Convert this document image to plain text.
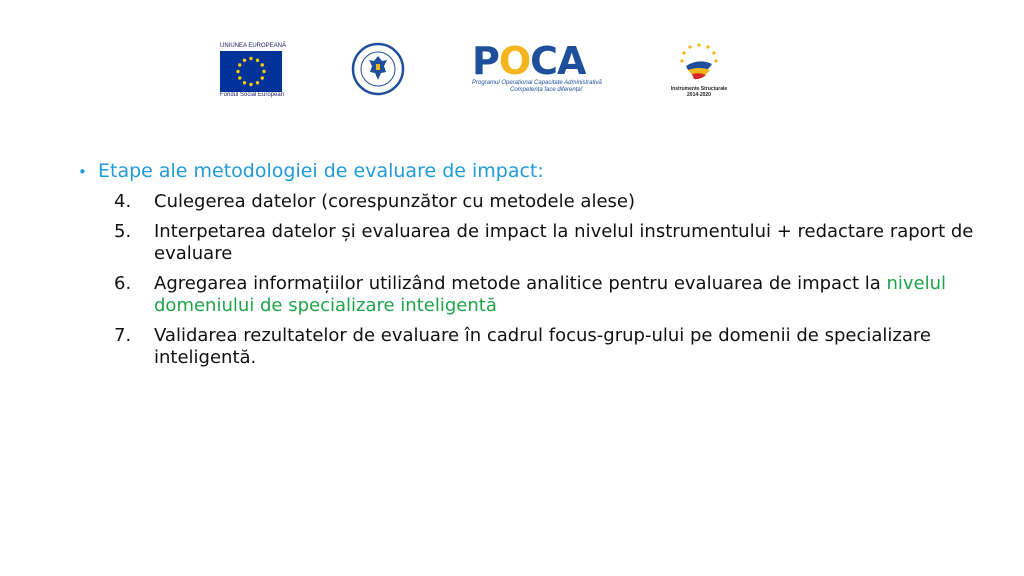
UNIUNEA EUROPEANĂ
Fondul Social European
POCA
Programul Operațional Capacitate Administrativă
Competența face diferența!	Instrumente Structurale
2014-2020
• Etape ale metodologiei de evaluare de impact:
4.	Culegerea datelor (corespunzător cu metodele alese)
5.	Interpetarea datelor și evaluarea de impact la nivelul instrumentului + redactare raport de evaluare
6.	Agregarea informațiilor utilizând metode analitice pentru evaluarea de impact la nivelul domeniului de specializare inteligentă
7.	Validarea rezultatelor de evaluare în cadrul focus-grup-ului pe domenii de specializare inteligentă.
